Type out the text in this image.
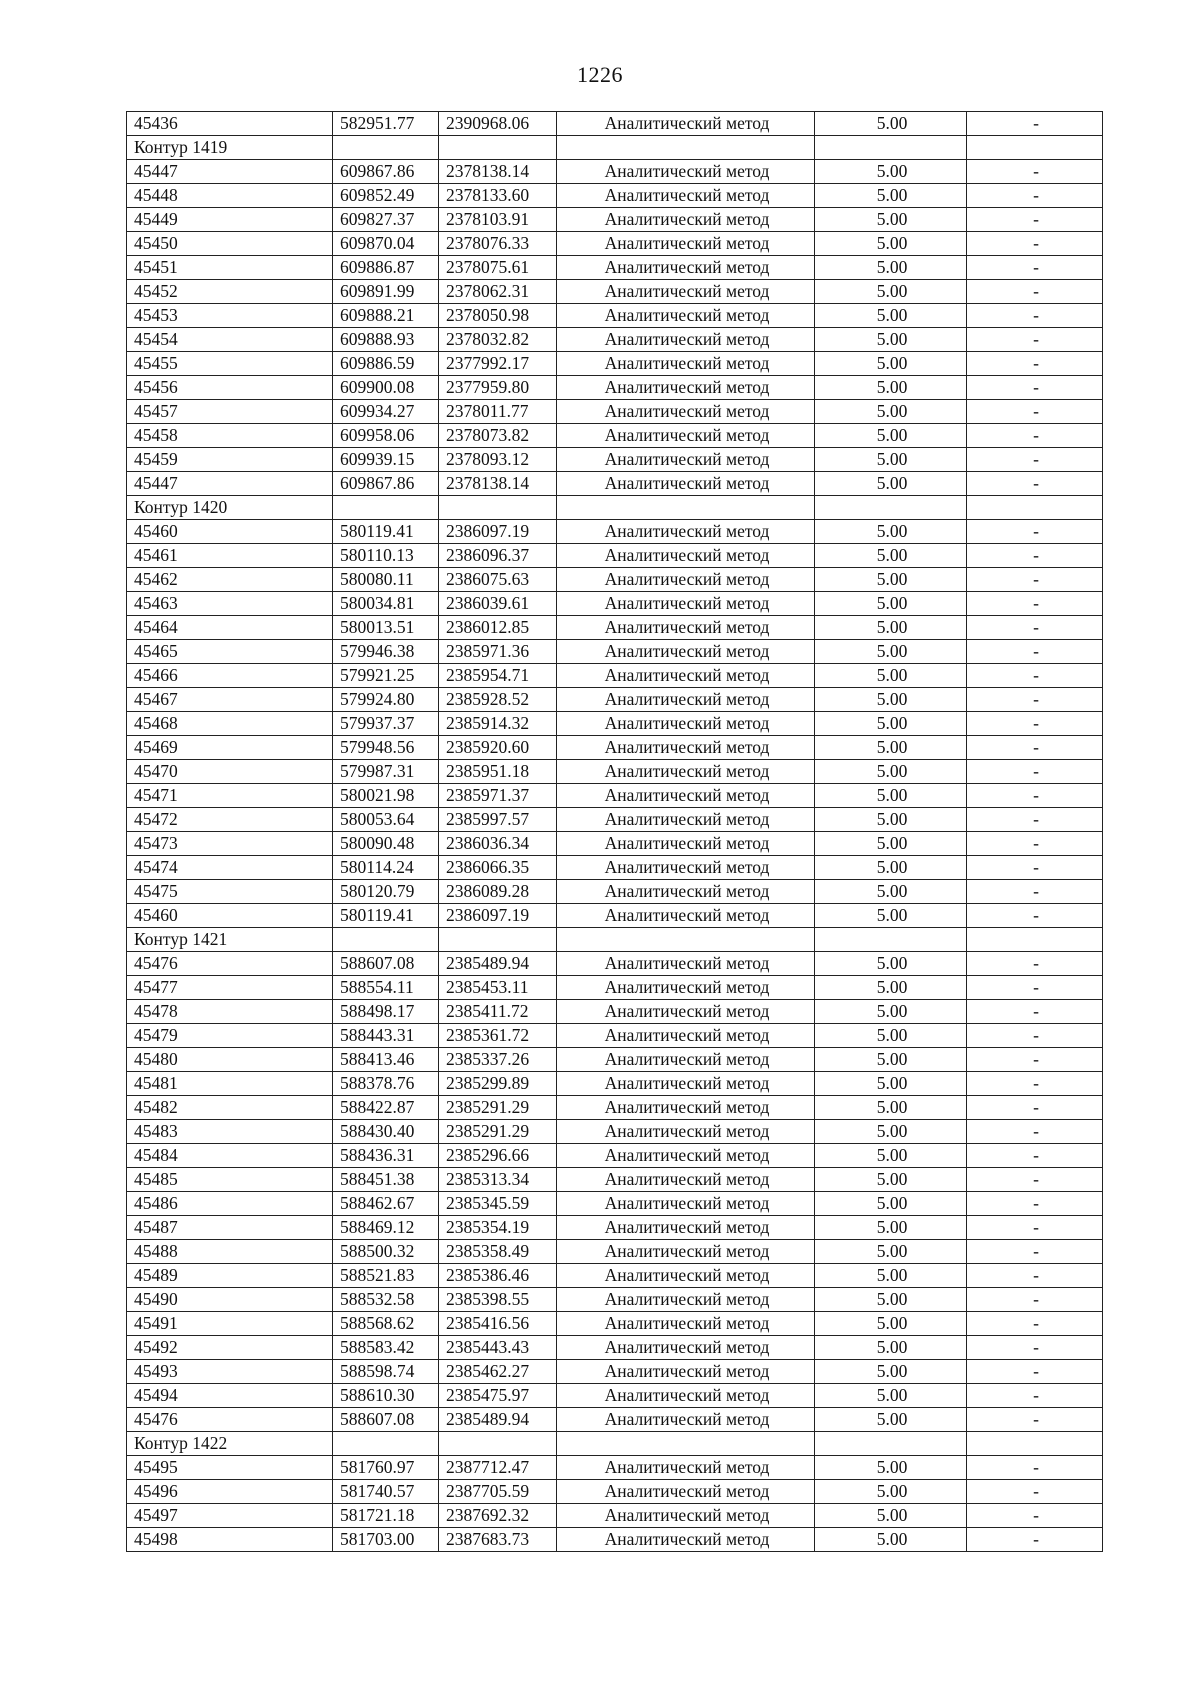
1226
45436	582951.77	2390968.06	Аналитический метод	5.00	-
Контур 1419					
45447	609867.86	2378138.14	Аналитический метод	5.00	-
45448	609852.49	2378133.60	Аналитический метод	5.00	-
45449	609827.37	2378103.91	Аналитический метод	5.00	-
45450	609870.04	2378076.33	Аналитический метод	5.00	-
45451	609886.87	2378075.61	Аналитический метод	5.00	-
45452	609891.99	2378062.31	Аналитический метод	5.00	-
45453	609888.21	2378050.98	Аналитический метод	5.00	-
45454	609888.93	2378032.82	Аналитический метод	5.00	-
45455	609886.59	2377992.17	Аналитический метод	5.00	-
45456	609900.08	2377959.80	Аналитический метод	5.00	-
45457	609934.27	2378011.77	Аналитический метод	5.00	-
45458	609958.06	2378073.82	Аналитический метод	5.00	-
45459	609939.15	2378093.12	Аналитический метод	5.00	-
45447	609867.86	2378138.14	Аналитический метод	5.00	-
Контур 1420					
45460	580119.41	2386097.19	Аналитический метод	5.00	-
45461	580110.13	2386096.37	Аналитический метод	5.00	-
45462	580080.11	2386075.63	Аналитический метод	5.00	-
45463	580034.81	2386039.61	Аналитический метод	5.00	-
45464	580013.51	2386012.85	Аналитический метод	5.00	-
45465	579946.38	2385971.36	Аналитический метод	5.00	-
45466	579921.25	2385954.71	Аналитический метод	5.00	-
45467	579924.80	2385928.52	Аналитический метод	5.00	-
45468	579937.37	2385914.32	Аналитический метод	5.00	-
45469	579948.56	2385920.60	Аналитический метод	5.00	-
45470	579987.31	2385951.18	Аналитический метод	5.00	-
45471	580021.98	2385971.37	Аналитический метод	5.00	-
45472	580053.64	2385997.57	Аналитический метод	5.00	-
45473	580090.48	2386036.34	Аналитический метод	5.00	-
45474	580114.24	2386066.35	Аналитический метод	5.00	-
45475	580120.79	2386089.28	Аналитический метод	5.00	-
45460	580119.41	2386097.19	Аналитический метод	5.00	-
Контур 1421					
45476	588607.08	2385489.94	Аналитический метод	5.00	-
45477	588554.11	2385453.11	Аналитический метод	5.00	-
45478	588498.17	2385411.72	Аналитический метод	5.00	-
45479	588443.31	2385361.72	Аналитический метод	5.00	-
45480	588413.46	2385337.26	Аналитический метод	5.00	-
45481	588378.76	2385299.89	Аналитический метод	5.00	-
45482	588422.87	2385291.29	Аналитический метод	5.00	-
45483	588430.40	2385291.29	Аналитический метод	5.00	-
45484	588436.31	2385296.66	Аналитический метод	5.00	-
45485	588451.38	2385313.34	Аналитический метод	5.00	-
45486	588462.67	2385345.59	Аналитический метод	5.00	-
45487	588469.12	2385354.19	Аналитический метод	5.00	-
45488	588500.32	2385358.49	Аналитический метод	5.00	-
45489	588521.83	2385386.46	Аналитический метод	5.00	-
45490	588532.58	2385398.55	Аналитический метод	5.00	-
45491	588568.62	2385416.56	Аналитический метод	5.00	-
45492	588583.42	2385443.43	Аналитический метод	5.00	-
45493	588598.74	2385462.27	Аналитический метод	5.00	-
45494	588610.30	2385475.97	Аналитический метод	5.00	-
45476	588607.08	2385489.94	Аналитический метод	5.00	-
Контур 1422					
45495	581760.97	2387712.47	Аналитический метод	5.00	-
45496	581740.57	2387705.59	Аналитический метод	5.00	-
45497	581721.18	2387692.32	Аналитический метод	5.00	-
45498	581703.00	2387683.73	Аналитический метод	5.00	-
